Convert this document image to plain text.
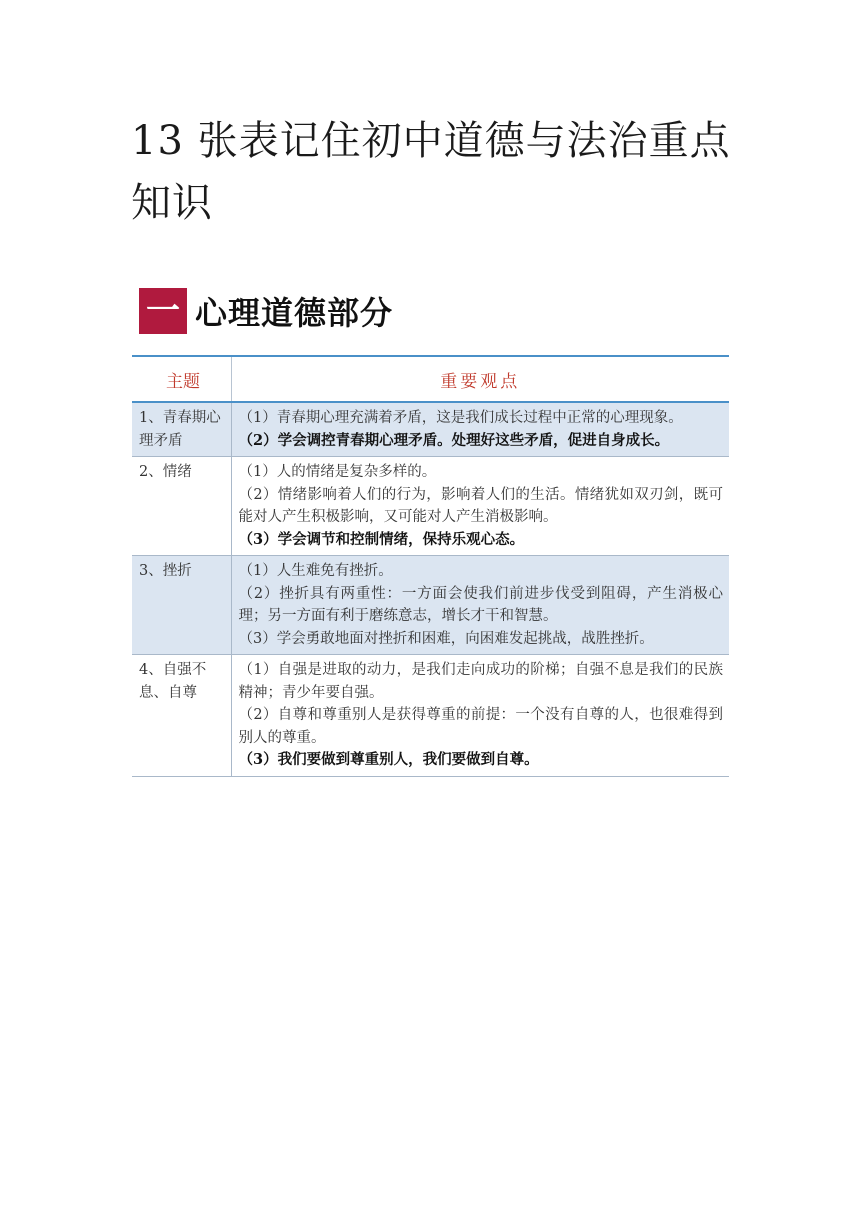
13 张表记住初中道德与法治重点知识
一 心理道德部分
主题	重要观点
1、青春期心理矛盾	（1）青春期心理充满着矛盾，这是我们成长过程中正常的心理现象。
（2）学会调控青春期心理矛盾。处理好这些矛盾，促进自身成长。

2、情绪	（1）人的情绪是复杂多样的。
（2）情绪影响着人们的行为，影响着人们的生活。情绪犹如双刃剑，既可能对人产生积极影响，又可能对人产生消极影响。
（3）学会调节和控制情绪，保持乐观心态。

3、挫折	（1）人生难免有挫折。
（2）挫折具有两重性：一方面会使我们前进步伐受到阻碍，产生消极心理；另一方面有利于磨练意志，增长才干和智慧。
（3）学会勇敢地面对挫折和困难，向困难发起挑战，战胜挫折。

4、自强不息、自尊	（1）自强是进取的动力，是我们走向成功的阶梯；自强不息是我们的民族精神；青少年要自强。
（2）自尊和尊重别人是获得尊重的前提：一个没有自尊的人，也很难得到别人的尊重。
（3）我们要做到尊重别人，我们要做到自尊。
